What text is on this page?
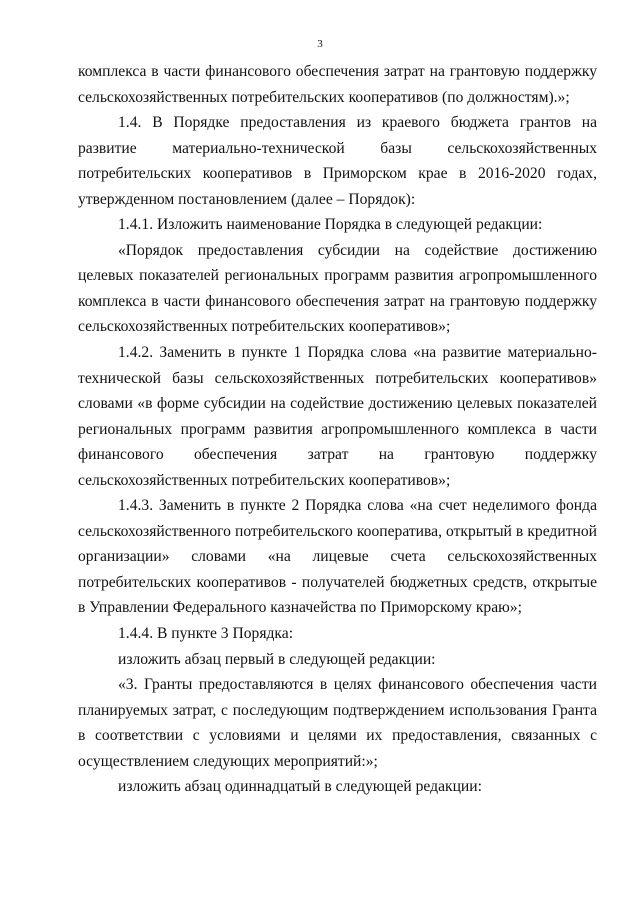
3

комплекса в части финансового обеспечения затрат на грантовую поддержку сельскохозяйственных потребительских кооперативов (по должностям).»;

1.4. В Порядке предоставления из краевого бюджета грантов на развитие материально-технической базы сельскохозяйственных потребительских кооперативов в Приморском крае в 2016-2020 годах, утвержденном постановлением (далее – Порядок):

1.4.1. Изложить наименование Порядка в следующей редакции:

«Порядок предоставления субсидии на содействие достижению целевых показателей региональных программ развития агропромышленного комплекса в части финансового обеспечения затрат на грантовую поддержку сельскохозяйственных потребительских кооперативов»;

1.4.2. Заменить в пункте 1 Порядка слова «на развитие материально-технической базы сельскохозяйственных потребительских кооперативов» словами «в форме субсидии на содействие достижению целевых показателей региональных программ развития агропромышленного комплекса в части финансового обеспечения затрат на грантовую поддержку сельскохозяйственных потребительских кооперативов»;

1.4.3. Заменить в пункте 2 Порядка слова «на счет неделимого фонда сельскохозяйственного потребительского кооператива, открытый в кредитной организации» словами «на лицевые счета сельскохозяйственных потребительских кооперативов - получателей бюджетных средств, открытые в Управлении Федерального казначейства по Приморскому краю»;

1.4.4. В пункте 3 Порядка:

изложить абзац первый в следующей редакции:

«3. Гранты предоставляются в целях финансового обеспечения части планируемых затрат, с последующим подтверждением использования Гранта в соответствии с условиями и целями их предоставления, связанных с осуществлением следующих мероприятий:»;

изложить абзац одиннадцатый в следующей редакции:
